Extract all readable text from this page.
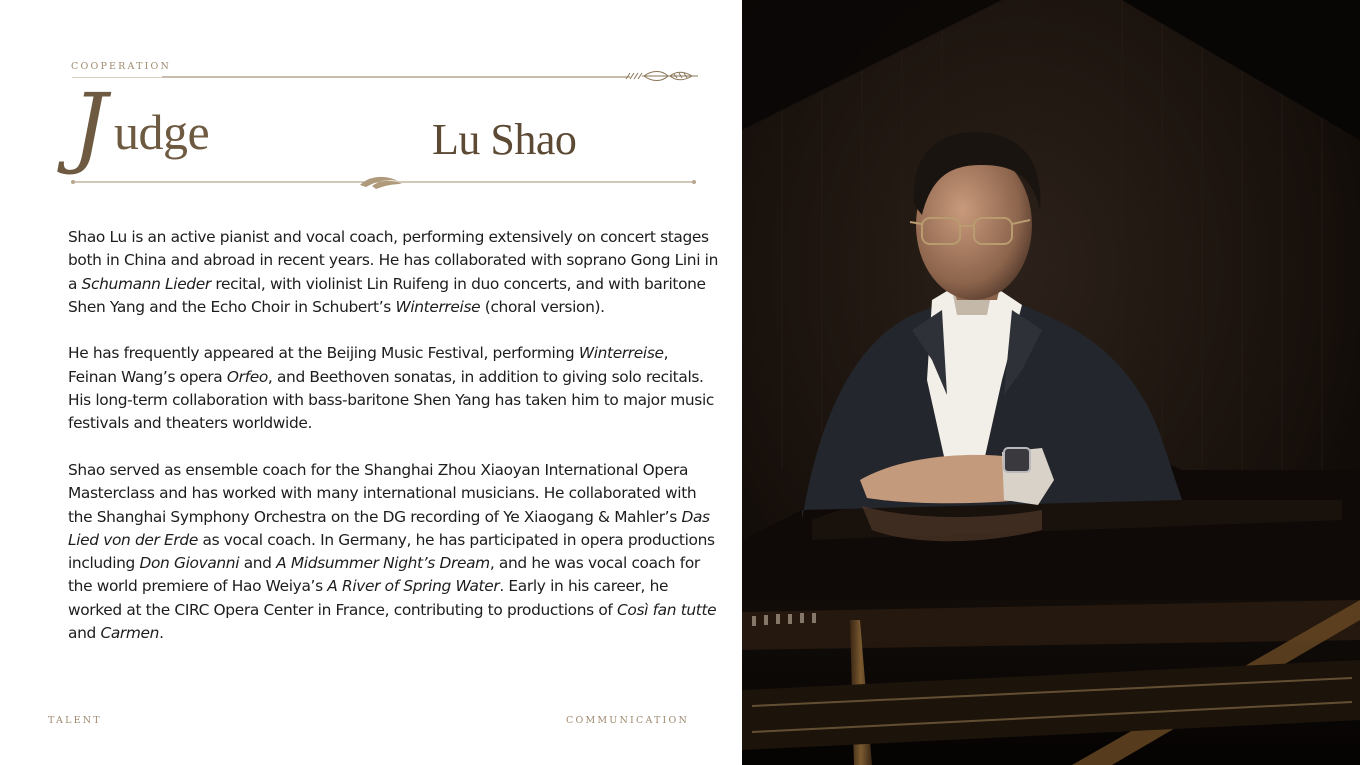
COOPERATION
J udge	Lu Shao

Shao Lu is an active pianist and vocal coach, performing extensively on concert stages both in China and abroad in recent years. He has collaborated with soprano Gong Lini in a Schumann Lieder recital, with violinist Lin Ruifeng in duo concerts, and with baritone Shen Yang and the Echo Choir in Schubert’s Winterreise (choral version).

He has frequently appeared at the Beijing Music Festival, performing Winterreise, Feinan Wang’s opera Orfeo, and Beethoven sonatas, in addition to giving solo recitals. His long-term collaboration with bass-baritone Shen Yang has taken him to major music festivals and theaters worldwide.

Shao served as ensemble coach for the Shanghai Zhou Xiaoyan International Opera Masterclass and has worked with many international musicians. He collaborated with the Shanghai Symphony Orchestra on the DG recording of Ye Xiaogang & Mahler’s Das Lied von der Erde as vocal coach. In Germany, he has participated in opera productions including Don Giovanni and A Midsummer Night’s Dream, and he was vocal coach for the world premiere of Hao Weiya’s A River of Spring Water. Early in his career, he worked at the CIRC Opera Center in France, contributing to productions of Così fan tutte and Carmen.

TALENT	COMMUNICATION
